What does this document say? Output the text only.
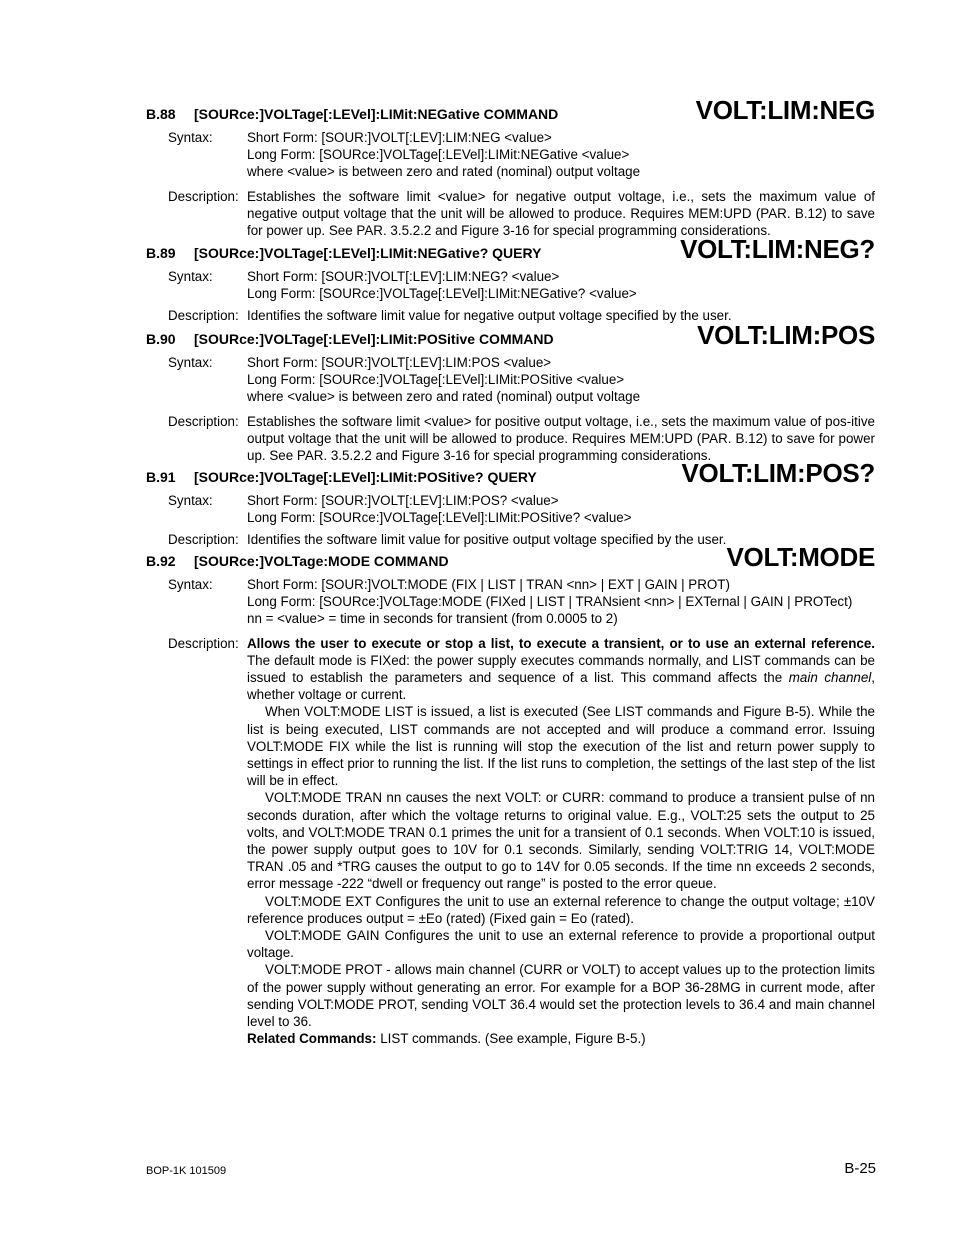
B.88 [SOURce:]VOLTage[:LEVel]:LIMit:NEGative COMMAND	VOLT:LIM:NEG
Syntax:	Short Form: [SOUR:]VOLT[:LEV]:LIM:NEG <value>
Long Form: [SOURce:]VOLTage[:LEVel]:LIMit:NEGative <value>
where <value> is between zero and rated (nominal) output voltage
Description: Establishes the software limit <value> for negative output voltage, i.e., sets the maximum value of negative output voltage that the unit will be allowed to produce. Requires MEM:UPD (PAR. B.12) to save for power up. See PAR. 3.5.2.2 and Figure 3-16 for special programming considerations.
B.89 [SOURce:]VOLTage[:LEVel]:LIMit:NEGative? QUERY	VOLT:LIM:NEG?
Syntax:	Short Form: [SOUR:]VOLT[:LEV]:LIM:NEG? <value>
Long Form: [SOURce:]VOLTage[:LEVel]:LIMit:NEGative? <value>
Description: Identifies the software limit value for negative output voltage specified by the user.
B.90 [SOURce:]VOLTage[:LEVel]:LIMit:POSitive COMMAND	VOLT:LIM:POS
Syntax:	Short Form: [SOUR:]VOLT[:LEV]:LIM:POS <value>
Long Form: [SOURce:]VOLTage[:LEVel]:LIMit:POSitive <value>
where <value> is between zero and rated (nominal) output voltage
Description: Establishes the software limit <value> for positive output voltage, i.e., sets the maximum value of pos-itive output voltage that the unit will be allowed to produce. Requires MEM:UPD (PAR. B.12) to save for power up. See PAR. 3.5.2.2 and Figure 3-16 for special programming considerations.
B.91 [SOURce:]VOLTage[:LEVel]:LIMit:POSitive? QUERY	VOLT:LIM:POS?
Syntax:	Short Form: [SOUR:]VOLT[:LEV]:LIM:POS? <value>
Long Form: [SOURce:]VOLTage[:LEVel]:LIMit:POSitive? <value>
Description: Identifies the software limit value for positive output voltage specified by the user.
B.92 [SOURce:]VOLTage:MODE COMMAND	VOLT:MODE
Syntax:	Short Form: [SOUR:]VOLT:MODE (FIX | LIST | TRAN <nn> | EXT | GAIN | PROT)
Long Form: [SOURce:]VOLTage:MODE (FIXed | LIST | TRANsient <nn> | EXTernal | GAIN | PROTect)
nn = <value> = time in seconds for transient (from 0.0005 to 2)
Description: Allows the user to execute or stop a list, to execute a transient, or to use an external reference. The default mode is FIXed: the power supply executes commands normally, and LIST commands can be issued to establish the parameters and sequence of a list. This command affects the main channel, whether voltage or current.
When VOLT:MODE LIST is issued, a list is executed (See LIST commands and Figure B-5). While the list is being executed, LIST commands are not accepted and will produce a command error. Issuing VOLT:MODE FIX while the list is running will stop the execution of the list and return power supply to settings in effect prior to running the list. If the list runs to completion, the settings of the last step of the list will be in effect.
VOLT:MODE TRAN nn causes the next VOLT: or CURR: command to produce a transient pulse of nn seconds duration, after which the voltage returns to original value. E.g., VOLT:25 sets the output to 25 volts, and VOLT:MODE TRAN 0.1 primes the unit for a transient of 0.1 seconds. When VOLT:10 is issued, the power supply output goes to 10V for 0.1 seconds. Similarly, sending VOLT:TRIG 14, VOLT:MODE TRAN .05 and *TRG causes the output to go to 14V for 0.05 seconds. If the time nn exceeds 2 seconds, error message -222 “dwell or frequency out range” is posted to the error queue.
VOLT:MODE EXT Configures the unit to use an external reference to change the output voltage; ±10V reference produces output = ±Eo (rated) (Fixed gain = Eo (rated).
VOLT:MODE GAIN Configures the unit to use an external reference to provide a proportional output voltage.
VOLT:MODE PROT - allows main channel (CURR or VOLT) to accept values up to the protection limits of the power supply without generating an error. For example for a BOP 36-28MG in current mode, after sending VOLT:MODE PROT, sending VOLT 36.4 would set the protection levels to 36.4 and main channel level to 36.
Related Commands: LIST commands. (See example, Figure B-5.)
BOP-1K 101509	B-25
